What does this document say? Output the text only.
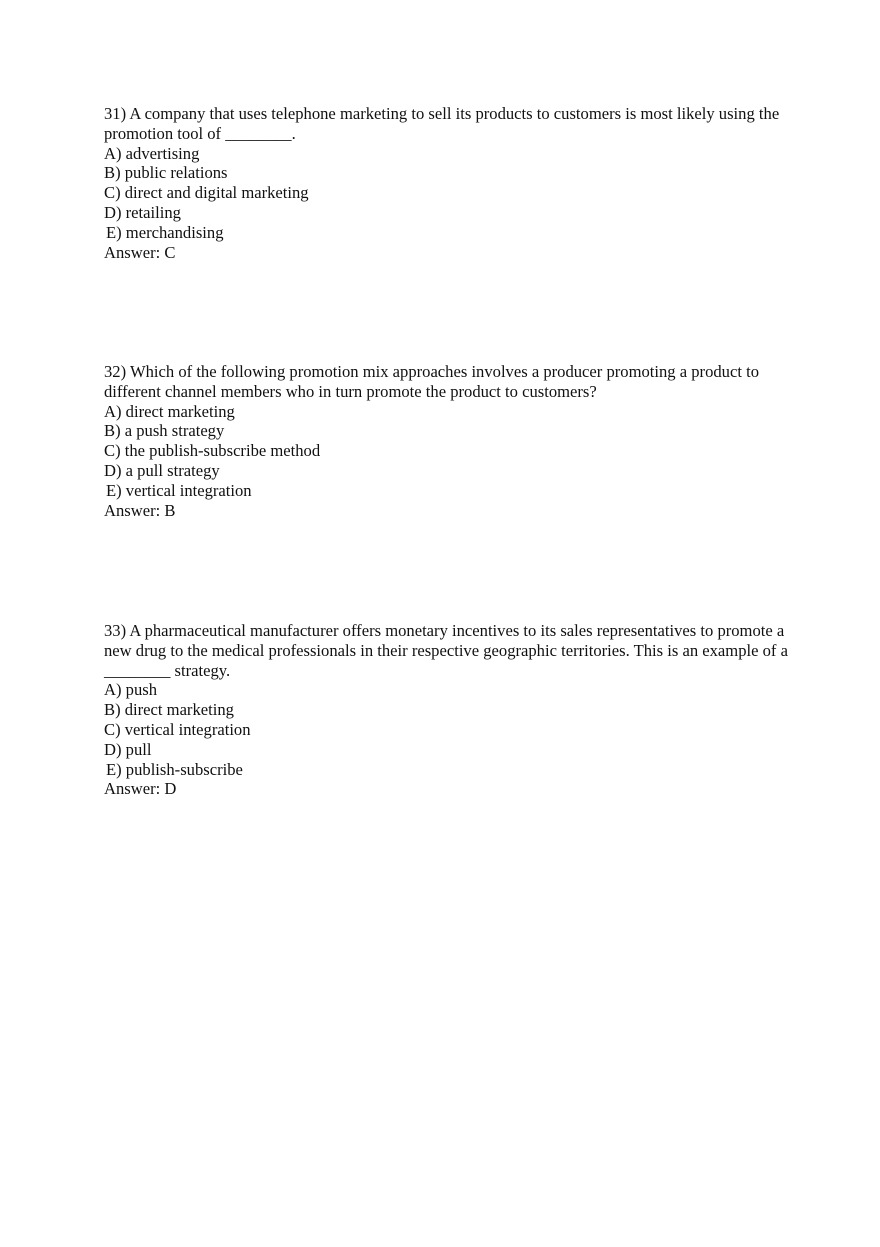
31) A company that uses telephone marketing to sell its products to customers is most likely using the promotion tool of ________.

A) advertising
B) public relations
C) direct and digital marketing
D) retailing
E) merchandising
Answer: C

32) Which of the following promotion mix approaches involves a producer promoting a product to different channel members who in turn promote the product to customers?

A) direct marketing
B) a push strategy
C) the publish-subscribe method
D) a pull strategy
E) vertical integration
Answer: B

33) A pharmaceutical manufacturer offers monetary incentives to its sales representatives to promote a new drug to the medical professionals in their respective geographic territories. This is an example of a ________ strategy.

A) push
B) direct marketing
C) vertical integration
D) pull
E) publish-subscribe
Answer: D
